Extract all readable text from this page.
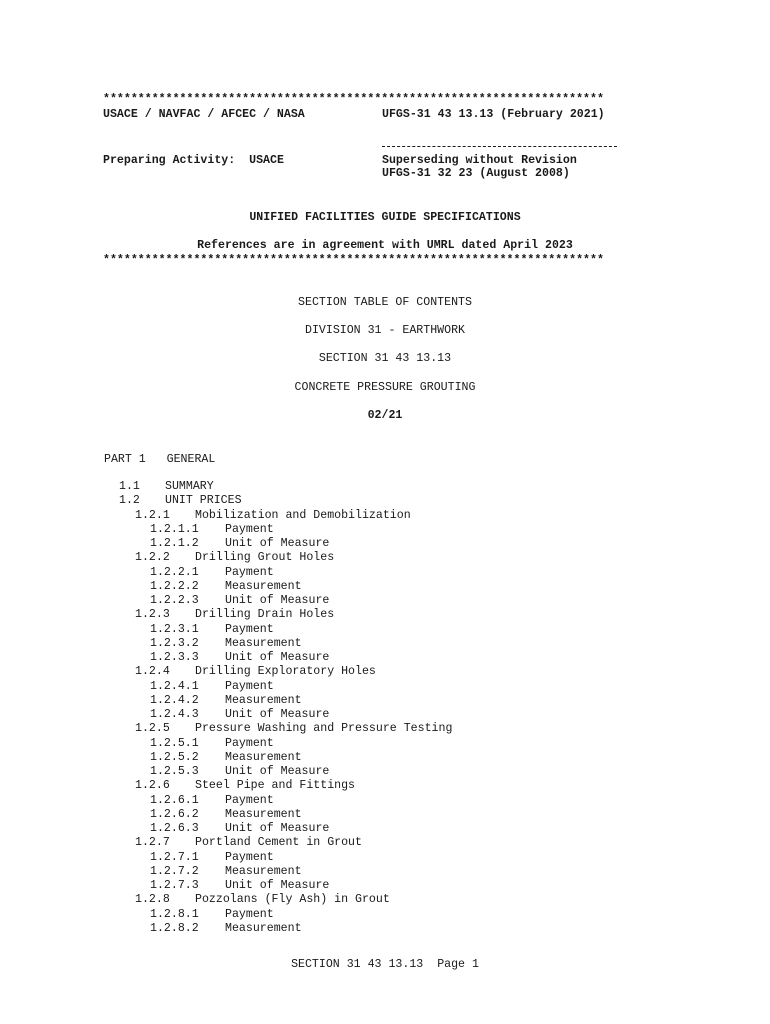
************************************************************************
USACE / NAVFAC / AFCEC / NASA	UFGS-31 43 13.13 (February 2021)
Preparing Activity: USACE	Superseding without Revision
UFGS-31 32 23 (August 2008)
UNIFIED FACILITIES GUIDE SPECIFICATIONS
References are in agreement with UMRL dated April 2023
************************************************************************
SECTION TABLE OF CONTENTS
DIVISION 31 - EARTHWORK
SECTION 31 43 13.13
CONCRETE PRESSURE GROUTING
02/21
PART 1 GENERAL
1.1 SUMMARY
1.2 UNIT PRICES
1.2.1 Mobilization and Demobilization
1.2.1.1 Payment
1.2.1.2 Unit of Measure
1.2.2 Drilling Grout Holes
1.2.2.1 Payment
1.2.2.2 Measurement
1.2.2.3 Unit of Measure
1.2.3 Drilling Drain Holes
1.2.3.1 Payment
1.2.3.2 Measurement
1.2.3.3 Unit of Measure
1.2.4 Drilling Exploratory Holes
1.2.4.1 Payment
1.2.4.2 Measurement
1.2.4.3 Unit of Measure
1.2.5 Pressure Washing and Pressure Testing
1.2.5.1 Payment
1.2.5.2 Measurement
1.2.5.3 Unit of Measure
1.2.6 Steel Pipe and Fittings
1.2.6.1 Payment
1.2.6.2 Measurement
1.2.6.3 Unit of Measure
1.2.7 Portland Cement in Grout
1.2.7.1 Payment
1.2.7.2 Measurement
1.2.7.3 Unit of Measure
1.2.8 Pozzolans (Fly Ash) in Grout
1.2.8.1 Payment
1.2.8.2 Measurement
SECTION 31 43 13.13 Page 1
